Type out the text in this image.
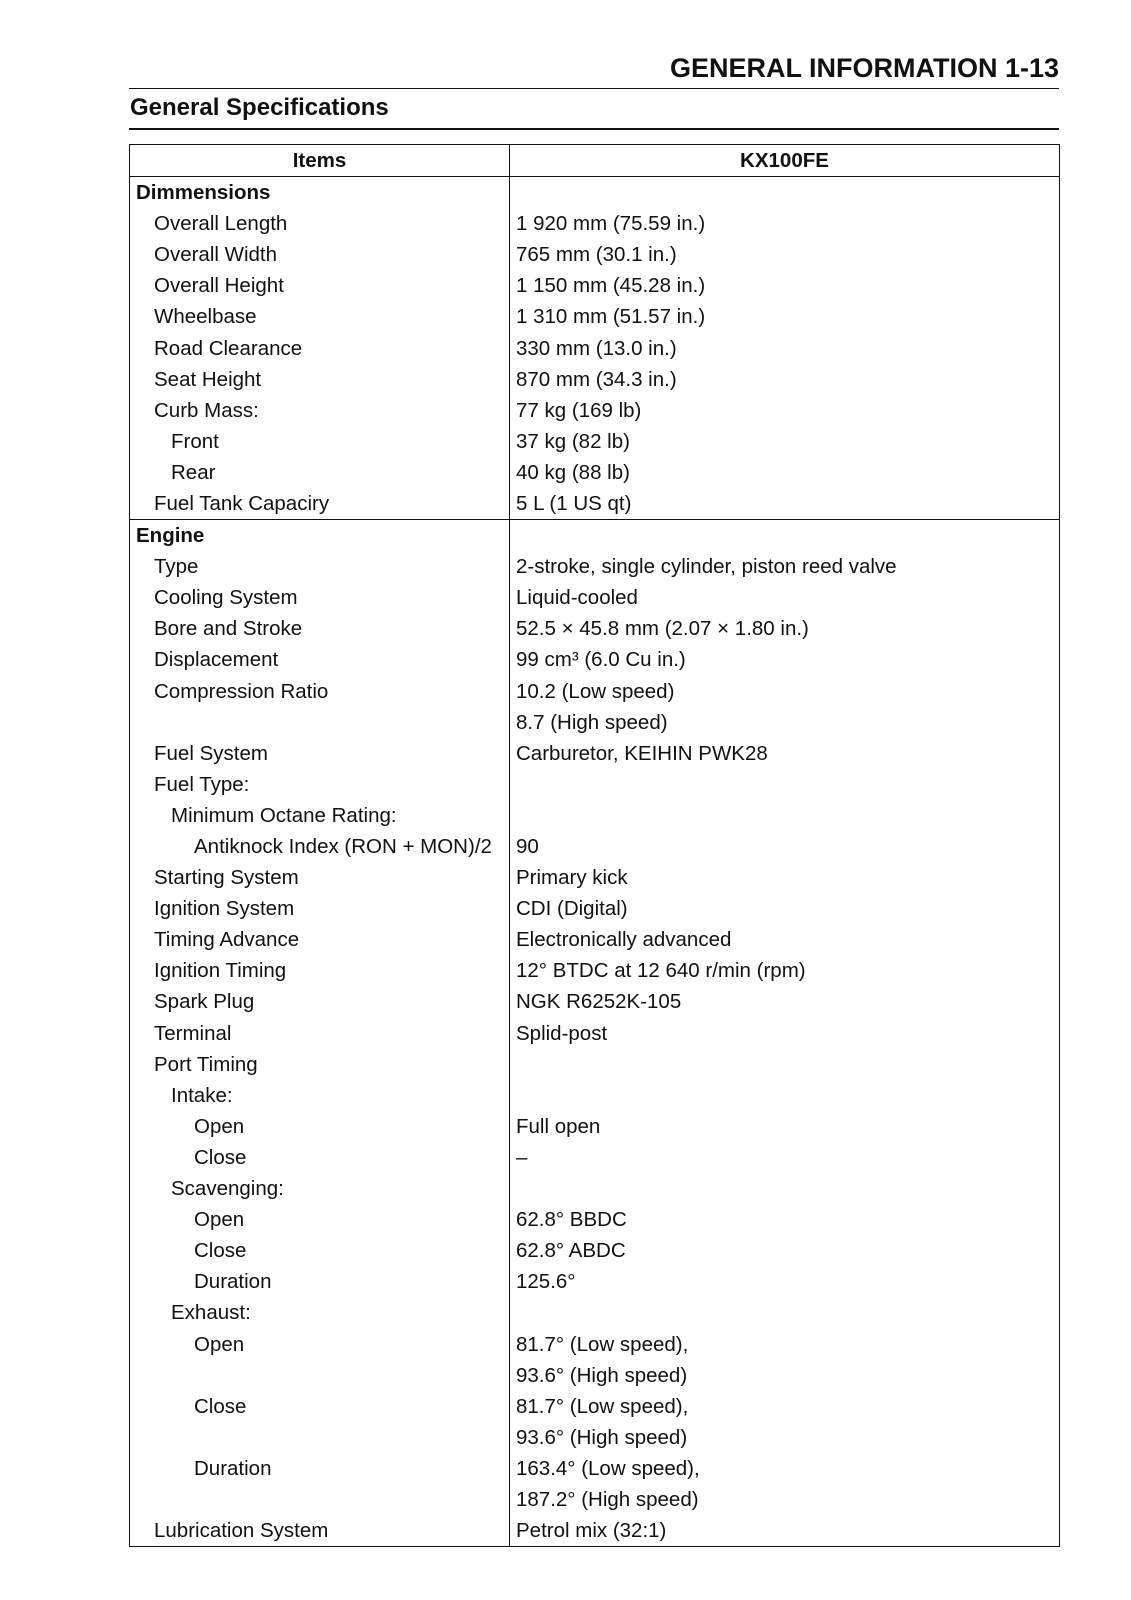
GENERAL INFORMATION 1-13
General Specifications
Items	KX100FE
Dimmensions	
Overall Length	1 920 mm (75.59 in.)
Overall Width	765 mm (30.1 in.)
Overall Height	1 150 mm (45.28 in.)
Wheelbase	1 310 mm (51.57 in.)
Road Clearance	330 mm (13.0 in.)
Seat Height	870 mm (34.3 in.)
Curb Mass:	77 kg (169 lb)
Front	37 kg (82 lb)
Rear	40 kg (88 lb)
Fuel Tank Capaciry	5 L (1 US qt)
Engine	
Type	2-stroke, single cylinder, piston reed valve
Cooling System	Liquid-cooled
Bore and Stroke	52.5 × 45.8 mm (2.07 × 1.80 in.)
Displacement	99 cm³ (6.0 Cu in.)
Compression Ratio	10.2 (Low speed)
	8.7 (High speed)
Fuel System	Carburetor, KEIHIN PWK28
Fuel Type:	
Minimum Octane Rating:	
Antiknock Index (RON + MON)/2	90
Starting System	Primary kick
Ignition System	CDI (Digital)
Timing Advance	Electronically advanced
Ignition Timing	12° BTDC at 12 640 r/min (rpm)
Spark Plug	NGK R6252K-105
Terminal	Splid-post
Port Timing	
Intake:	
Open	Full open
Close	–
Scavenging:	
Open	62.8° BBDC
Close	62.8° ABDC
Duration	125.6°
Exhaust:	
Open	81.7° (Low speed),
	93.6° (High speed)
Close	81.7° (Low speed),
	93.6° (High speed)
Duration	163.4° (Low speed),
	187.2° (High speed)
Lubrication System	Petrol mix (32:1)
